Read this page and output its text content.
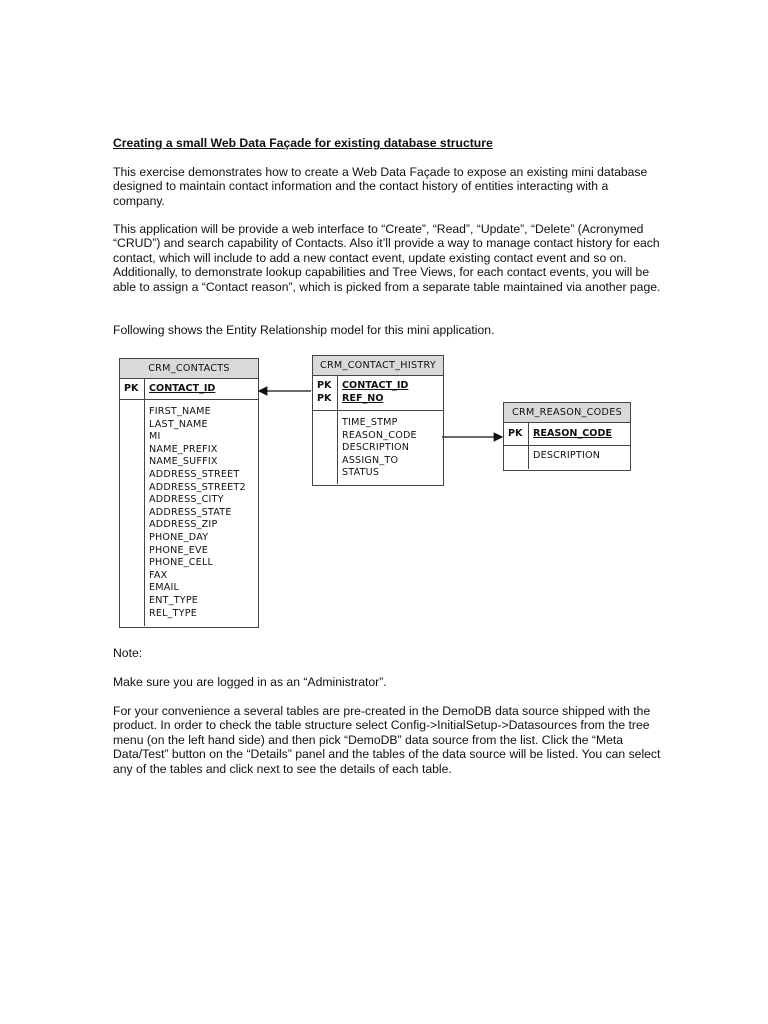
Creating a small Web Data Façade for existing database structure

This exercise demonstrates how to create a Web Data Façade to expose an existing mini database designed to maintain contact information and the contact history of entities interacting with a company.

This application will be provide a web interface to “Create”, “Read”, “Update”, “Delete” (Acronymed “CRUD”) and search capability of Contacts. Also it’ll provide a way to manage contact history for each contact, which will include to add a new contact event, update existing contact event and so on. Additionally, to demonstrate lookup capabilities and Tree Views, for each contact events, you will be able to assign a “Contact reason”, which is picked from a separate table maintained via another page.

Following shows the Entity Relationship model for this mini application.

CRM_CONTACTS
PK CONTACT_ID
FIRST_NAME
LAST_NAME
MI
NAME_PREFIX
NAME_SUFFIX
ADDRESS_STREET
ADDRESS_STREET2
ADDRESS_CITY
ADDRESS_STATE
ADDRESS_ZIP
PHONE_DAY
PHONE_EVE
PHONE_CELL
FAX
EMAIL
ENT_TYPE
REL_TYPE
CRM_CONTACT_HISTRY
PK
PK
CONTACT_ID
REF_NO
TIME_STMP
REASON_CODE
DESCRIPTION
ASSIGN_TO
STATUS
CRM_REASON_CODES
PK REASON_CODE
DESCRIPTION

Note:

Make sure you are logged in as an “Administrator”.

For your convenience a several tables are pre-created in the DemoDB data source shipped with the product. In order to check the table structure select Config->InitialSetup->Datasources from the tree menu (on the left hand side) and then pick “DemoDB” data source from the list. Click the “Meta Data/Test” button on the “Details” panel and the tables of the data source will be listed. You can select any of the tables and click next to see the details of each table.
